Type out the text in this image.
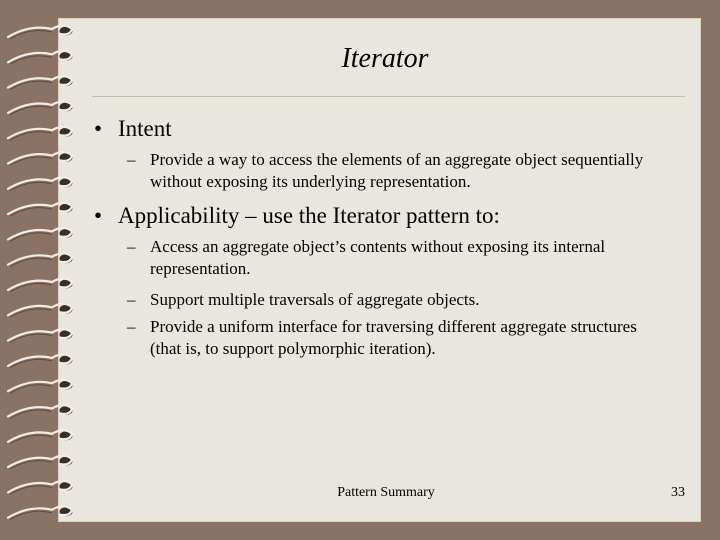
Iterator
• Intent
– Provide a way to access the elements of an aggregate object sequentially without exposing its underlying representation.
• Applicability – use the Iterator pattern to:
– Access an aggregate object’s contents without exposing its internal representation.
– Support multiple traversals of aggregate objects.
– Provide a uniform interface for traversing different aggregate structures (that is, to support polymorphic iteration).
Pattern Summary	33
